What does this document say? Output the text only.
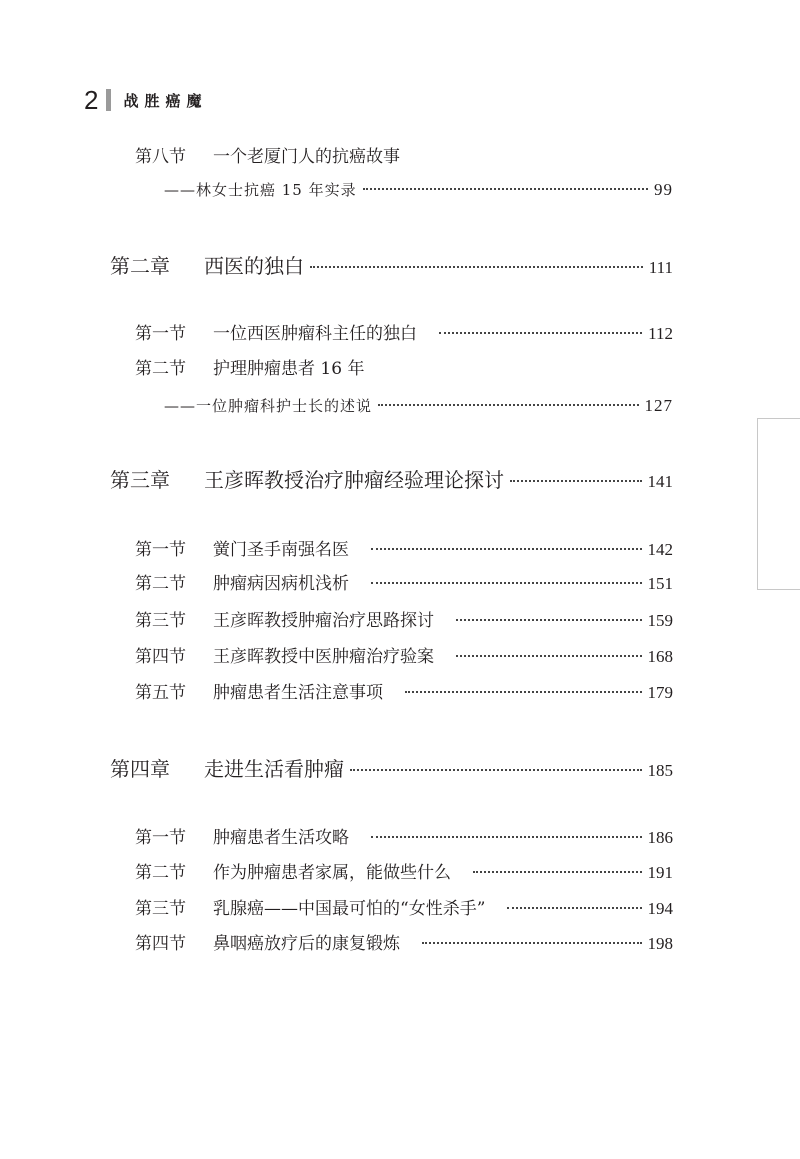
2 战胜癌魔
第八节	一个老厦门人的抗癌故事
——林女士抗癌 15 年实录	99
第二章	西医的独白	111
第一节	一位西医肿瘤科主任的独白	112
第二节	护理肿瘤患者 16 年
——一位肿瘤科护士长的述说	127
第三章	王彦晖教授治疗肿瘤经验理论探讨	141
第一节	黉门圣手南强名医	142
第二节	肿瘤病因病机浅析	151
第三节	王彦晖教授肿瘤治疗思路探讨	159
第四节	王彦晖教授中医肿瘤治疗验案	168
第五节	肿瘤患者生活注意事项	179
第四章	走进生活看肿瘤	185
第一节	肿瘤患者生活攻略	186
第二节	作为肿瘤患者家属，能做些什么	191
第三节	乳腺癌——中国最可怕的“女性杀手”	194
第四节	鼻咽癌放疗后的康复锻炼	198
